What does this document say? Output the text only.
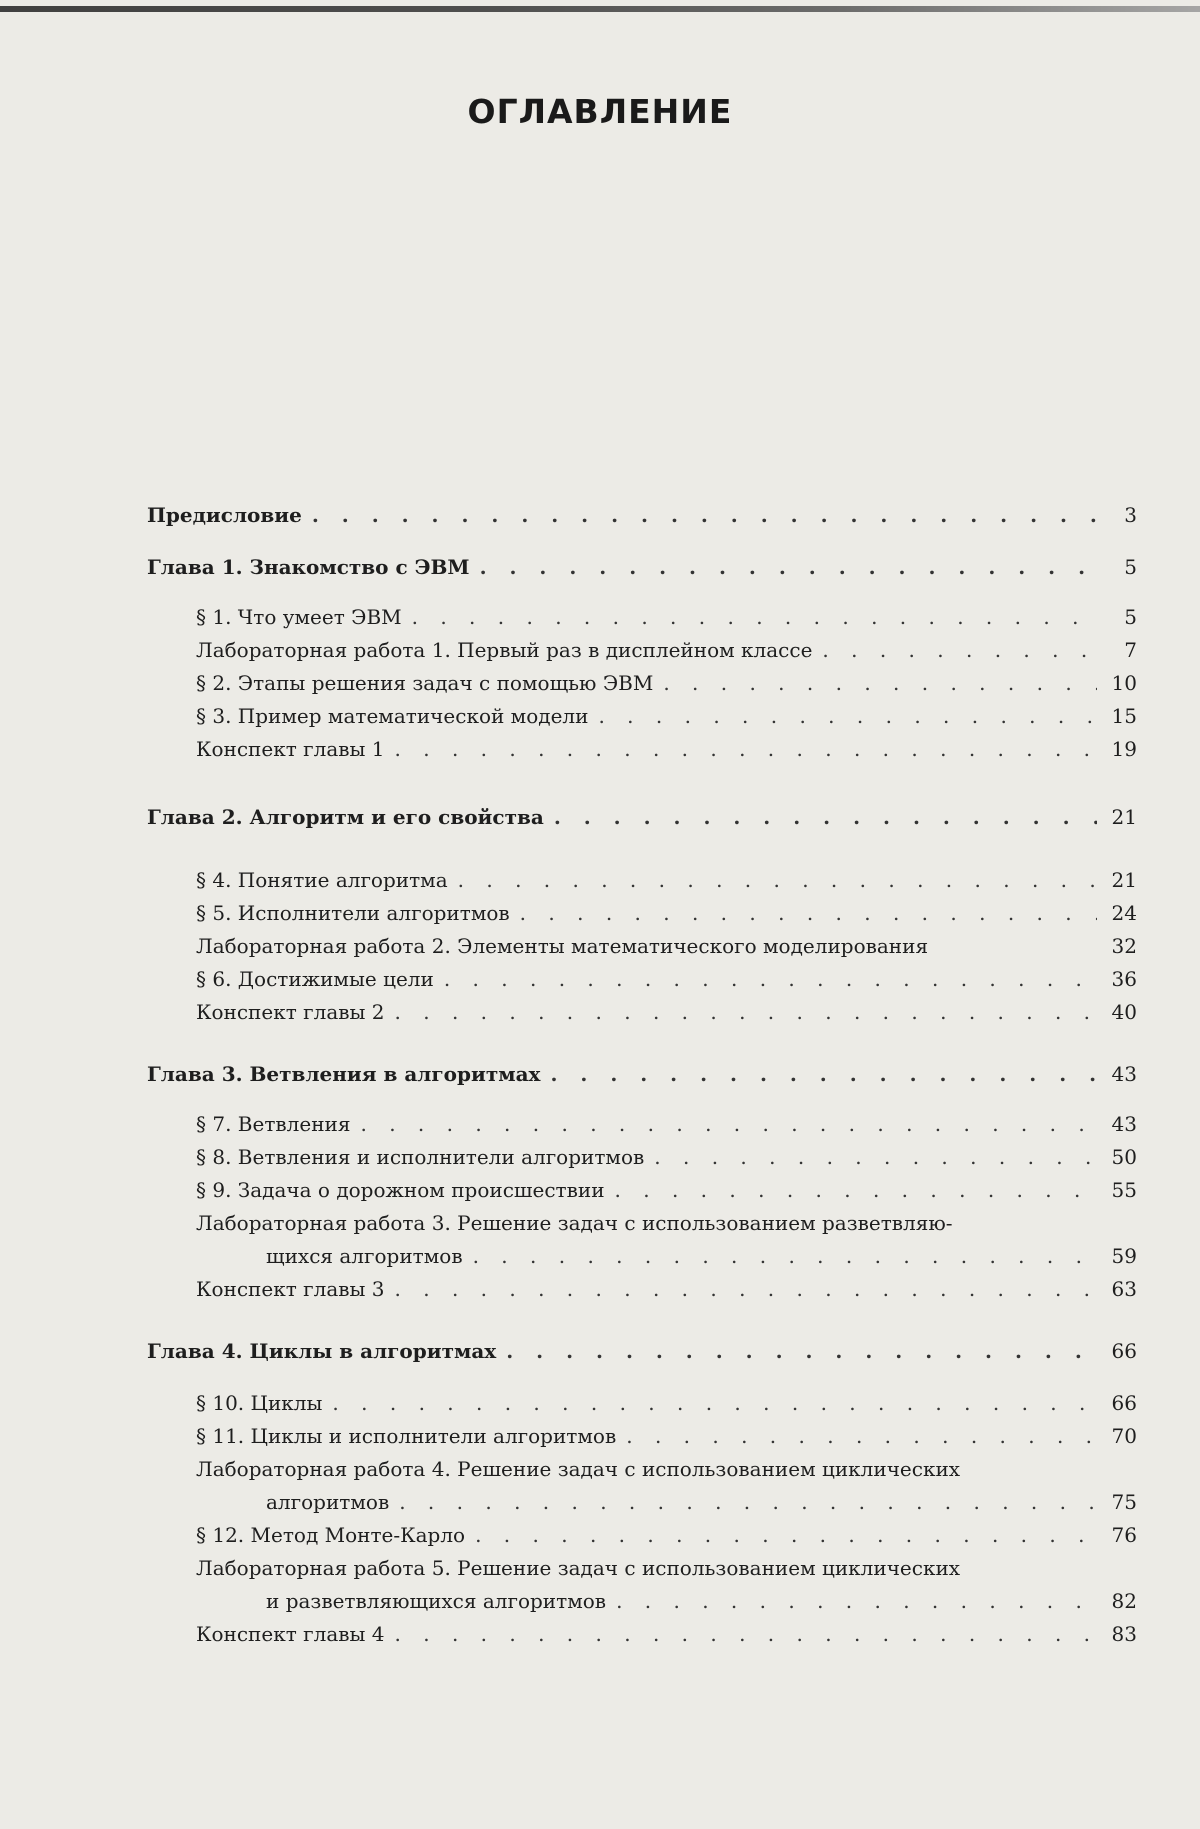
ОГЛАВЛЕНИЕ
Предисловие . . .	3
Глава 1. Знакомство с ЭВМ . . .	5
§ 1. Что умеет ЭВМ . . .	5
Лабораторная работа 1. Первый раз в дисплейном классе . . .	7
§ 2. Этапы решения задач с помощью ЭВМ . . .	10
§ 3. Пример математической модели . . .	15
Конспект главы 1 . . .	19
Глава 2. Алгоритм и его свойства . . .	21
§ 4. Понятие алгоритма . . .	21
§ 5. Исполнители алгоритмов . . .	24
Лабораторная работа 2. Элементы математического моделирования	32
§ 6. Достижимые цели . . .	36
Конспект главы 2 . . .	40
Глава 3. Ветвления в алгоритмах . . .	43
§ 7. Ветвления . . .	43
§ 8. Ветвления и исполнители алгоритмов . . .	50
§ 9. Задача о дорожном происшествии . . .	55
Лабораторная работа 3. Решение задач с использованием разветвляю-
щихся алгоритмов . . .	59
Конспект главы 3 . . .	63
Глава 4. Циклы в алгоритмах . . .	66
§ 10. Циклы . . .	66
§ 11. Циклы и исполнители алгоритмов . . .	70
Лабораторная работа 4. Решение задач с использованием циклических
алгоритмов . . .	75
§ 12. Метод Монте-Карло . . .	76
Лабораторная работа 5. Решение задач с использованием циклических
и разветвляющихся алгоритмов . . .	82
Конспект главы 4 . . .	83
